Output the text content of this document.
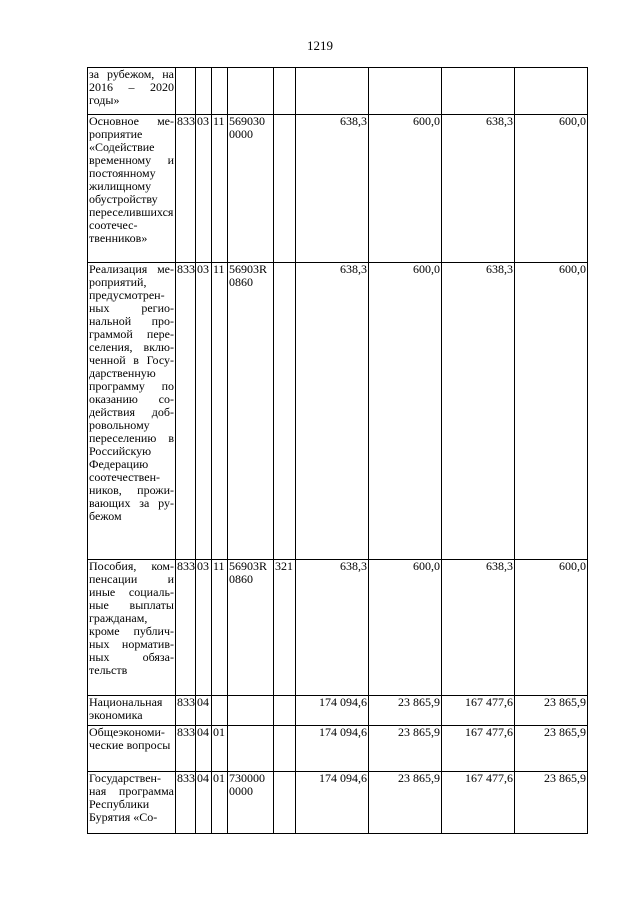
1219
за рубежом, на 2016 – 2020 годы»									
Основное мероприятие «Содействие временному и постоянному жилищному обустройству переселившихся соотечественников»	833	03	11	569030 0000		638,3	600,0	638,3	600,0
Реализация мероприятий, предусмотренных региональной программой переселения, включенной в Государственную программу по оказанию содействия добровольному переселению в Российскую Федерацию соотечественников, проживающих за рубежом	833	03	11	56903R 0860		638,3	600,0	638,3	600,0
Пособия, компенсации и иные социальные выплаты гражданам, кроме публичных нормативных обязательств	833	03	11	56903R 0860	321	638,3	600,0	638,3	600,0
Национальная экономика	833	04				174 094,6	23 865,9	167 477,6	23 865,9
Общеэкономические вопросы	833	04	01			174 094,6	23 865,9	167 477,6	23 865,9
Государственная программа Республики Бурятия «Со-	833	04	01	730000 0000		174 094,6	23 865,9	167 477,6	23 865,9
